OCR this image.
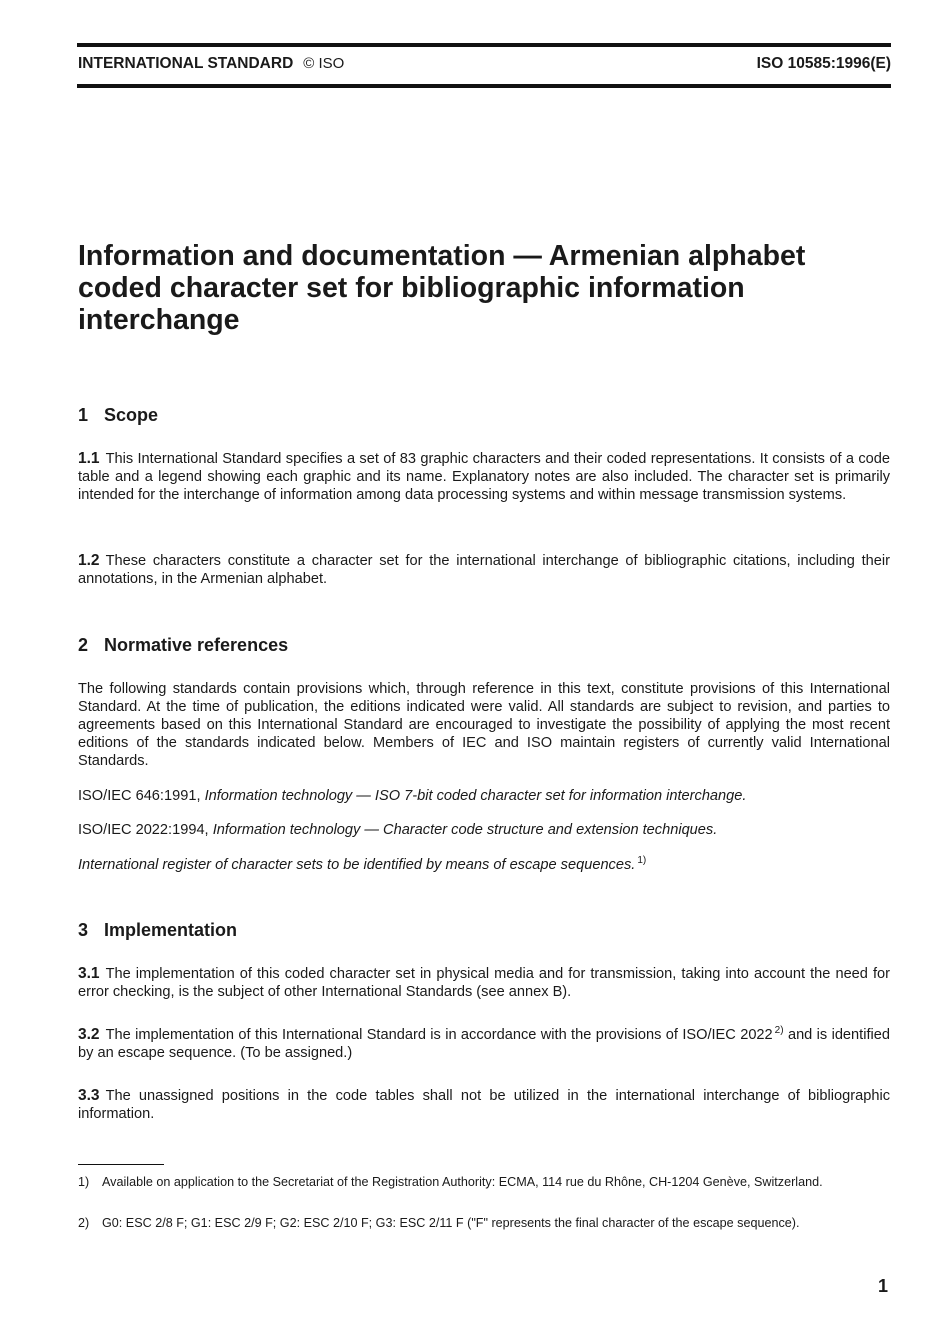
INTERNATIONAL STANDARD © ISO	ISO 10585:1996(E)
Information and documentation — Armenian alphabet
coded character set for bibliographic information
interchange
1 Scope

1.1 This International Standard specifies a set of 83 graphic characters and their coded representations. It consists of a code table and a legend showing each graphic and its name. Explanatory notes are also included. The character set is primarily intended for the interchange of information among data processing systems and within message transmission systems.

1.2 These characters constitute a character set for the international interchange of bibliographic citations, including their annotations, in the Armenian alphabet.

2 Normative references

The following standards contain provisions which, through reference in this text, constitute provisions of this International Standard. At the time of publication, the editions indicated were valid. All standards are subject to revision, and parties to agreements based on this International Standard are encouraged to investigate the possibility of applying the most recent editions of the standards indicated below. Members of IEC and ISO maintain registers of currently valid International Standards.

ISO/IEC 646:1991, Information technology — ISO 7-bit coded character set for information interchange.

ISO/IEC 2022:1994, Information technology — Character code structure and extension techniques.

International register of character sets to be identified by means of escape sequences. $^{1)}$

3 Implementation

3.1 The implementation of this coded character set in physical media and for transmission, taking into account the need for error checking, is the subject of other International Standards (see annex B).

3.2 The implementation of this International Standard is in accordance with the provisions of ISO/IEC 2022 $^{2)}$ and is identified by an escape sequence. (To be assigned.)

3.3 The unassigned positions in the code tables shall not be utilized in the international interchange of bibliographic information.

1) Available on application to the Secretariat of the Registration Authority: ECMA, 114 rue du Rhône, CH-1204 Genève, Switzerland.

2) G0: ESC 2/8 F; G1: ESC 2/9 F; G2: ESC 2/10 F; G3: ESC 2/11 F ("F" represents the final character of the escape sequence).

1
